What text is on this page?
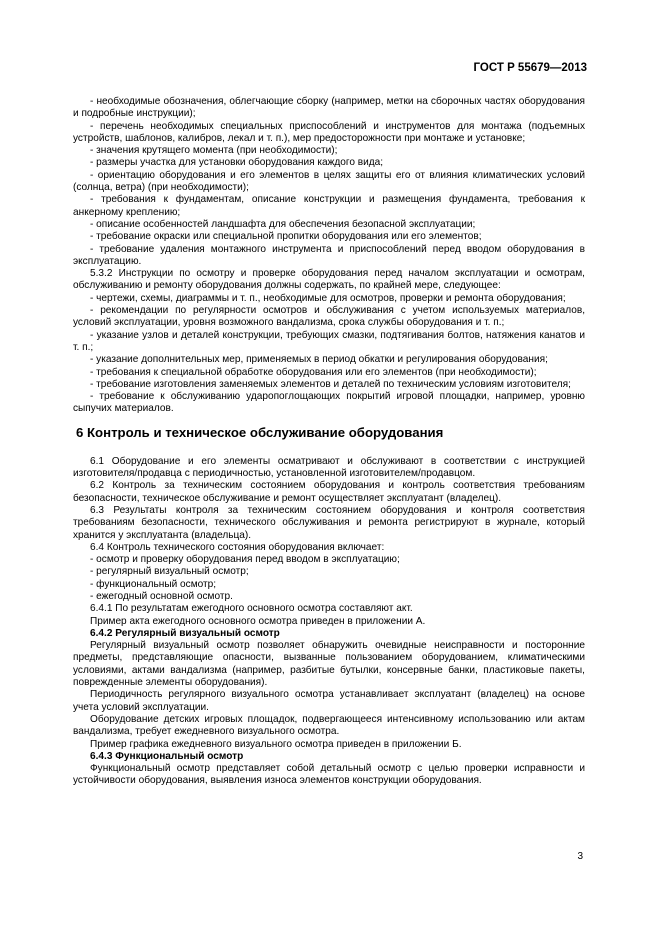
ГОСТ Р 55679—2013

- необходимые обозначения, облегчающие сборку (например, метки на сборочных частях оборудования и подробные инструкции);

- перечень необходимых специальных приспособлений и инструментов для монтажа (подъемных устройств, шаблонов, калибров, лекал и т. п.), мер предосторожности при монтаже и установке;

- значения крутящего момента (при необходимости);

- размеры участка для установки оборудования каждого вида;

- ориентацию оборудования и его элементов в целях защиты его от влияния климатических условий (солнца, ветра) (при необходимости);

- требования к фундаментам, описание конструкции и размещения фундамента, требования к анкерному креплению;

- описание особенностей ландшафта для обеспечения безопасной эксплуатации;

- требование окраски или специальной пропитки оборудования или его элементов;

- требование удаления монтажного инструмента и приспособлений перед вводом оборудования в эксплуатацию.

5.3.2 Инструкции по осмотру и проверке оборудования перед началом эксплуатации и осмотрам, обслуживанию и ремонту оборудования должны содержать, по крайней мере, следующее:

- чертежи, схемы, диаграммы и т. п., необходимые для осмотров, проверки и ремонта оборудования;

- рекомендации по регулярности осмотров и обслуживания с учетом используемых материалов, условий эксплуатации, уровня возможного вандализма, срока службы оборудования и т. п.;

- указание узлов и деталей конструкции, требующих смазки, подтягивания болтов, натяжения канатов и т. п.;

- указание дополнительных мер, применяемых в период обкатки и регулирования оборудования;

- требования к специальной обработке оборудования или его элементов (при необходимости);

- требование изготовления заменяемых элементов и деталей по техническим условиям изготовителя;

- требование к обслуживанию ударопоглощающих покрытий игровой площадки, например, уровню сыпучих материалов.

6 Контроль и техническое обслуживание оборудования

6.1 Оборудование и его элементы осматривают и обслуживают в соответствии с инструкцией изготовителя/продавца с периодичностью, установленной изготовителем/продавцом.

6.2 Контроль за техническим состоянием оборудования и контроль соответствия требованиям безопасности, техническое обслуживание и ремонт осуществляет эксплуатант (владелец).

6.3 Результаты контроля за техническим состоянием оборудования и контроля соответствия требованиям безопасности, технического обслуживания и ремонта регистрируют в журнале, который хранится у эксплуатанта (владельца).

6.4 Контроль технического состояния оборудования включает:

- осмотр и проверку оборудования перед вводом в эксплуатацию;

- регулярный визуальный осмотр;

- функциональный осмотр;

- ежегодный основной осмотр.

6.4.1 По результатам ежегодного основного осмотра составляют акт.

Пример акта ежегодного основного осмотра приведен в приложении А.

6.4.2 Регулярный визуальный осмотр

Регулярный визуальный осмотр позволяет обнаружить очевидные неисправности и посторонние предметы, представляющие опасности, вызванные пользованием оборудованием, климатическими условиями, актами вандализма (например, разбитые бутылки, консервные банки, пластиковые пакеты, поврежденные элементы оборудования).

Периодичность регулярного визуального осмотра устанавливает эксплуатант (владелец) на основе учета условий эксплуатации.

Оборудование детских игровых площадок, подвергающееся интенсивному использованию или актам вандализма, требует ежедневного визуального осмотра.

Пример графика ежедневного визуального осмотра приведен в приложении Б.

6.4.3 Функциональный осмотр

Функциональный осмотр представляет собой детальный осмотр с целью проверки исправности и устойчивости оборудования, выявления износа элементов конструкции оборудования.

3
